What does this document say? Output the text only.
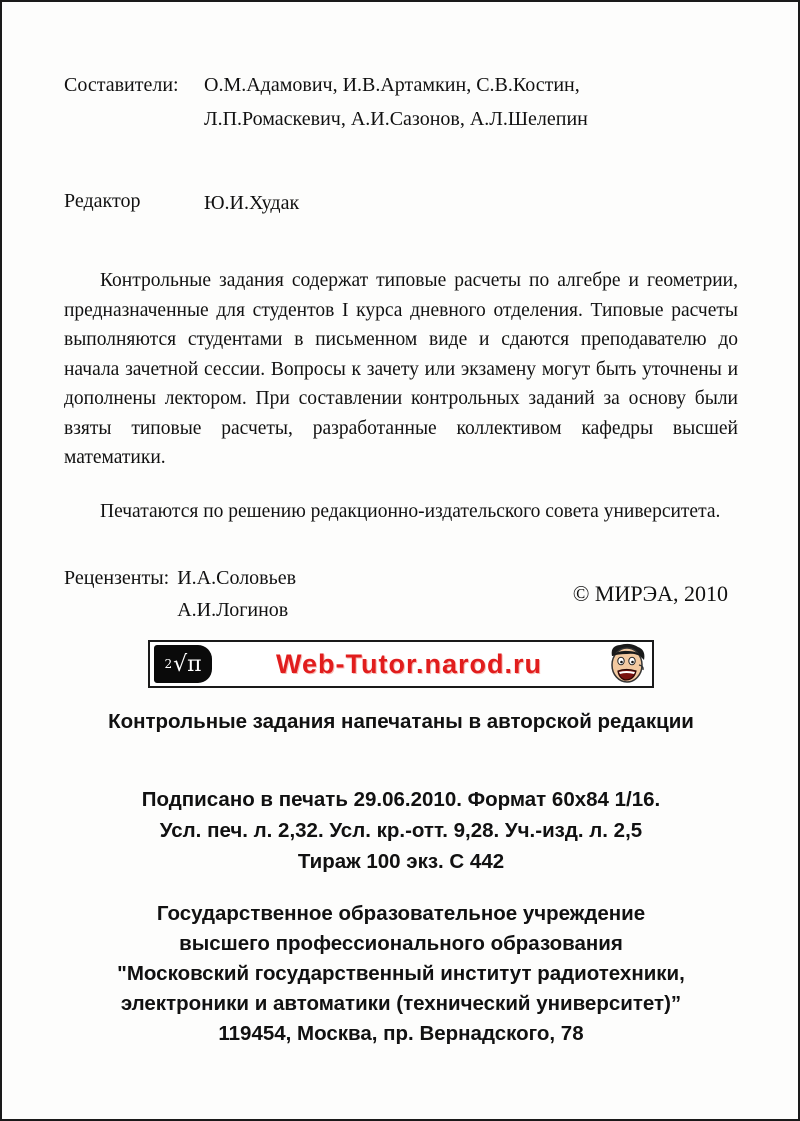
Составители:	О.М.Адамович, И.В.Артамкин, С.В.Костин,
Л.П.Ромаскевич, А.И.Сазонов, А.Л.Шелепин
Редактор	Ю.И.Худак

Контрольные задания содержат типовые расчеты по алгебре и геометрии, предназначенные для студентов I курса дневного отделения. Типовые расчеты выполняются студентами в письменном виде и сдаются преподавателю до начала зачетной сессии. Вопросы к зачету или экзамену могут быть уточнены и дополнены лектором. При составлении контрольных заданий за основу были взяты типовые расчеты, разработанные коллективом кафедры высшей математики.

Печатаются по решению редакционно-издательского совета университета.

Рецензенты: И.А.Соловьев
А.И.Логинов
© МИРЭА, 2010
2 √π	Web-Tutor.narod.ru
Контрольные задания напечатаны в авторской редакции
Подписано в печать 29.06.2010. Формат 60х84 1/16.
Усл. печ. л. 2,32. Усл. кр.-отт. 9,28. Уч.-изд. л. 2,5
Тираж 100 экз. С 442
Государственное образовательное учреждение
высшего профессионального образования
"Московский государственный институт радиотехники,
электроники и автоматики (технический университет)”
119454, Москва, пр. Вернадского, 78
